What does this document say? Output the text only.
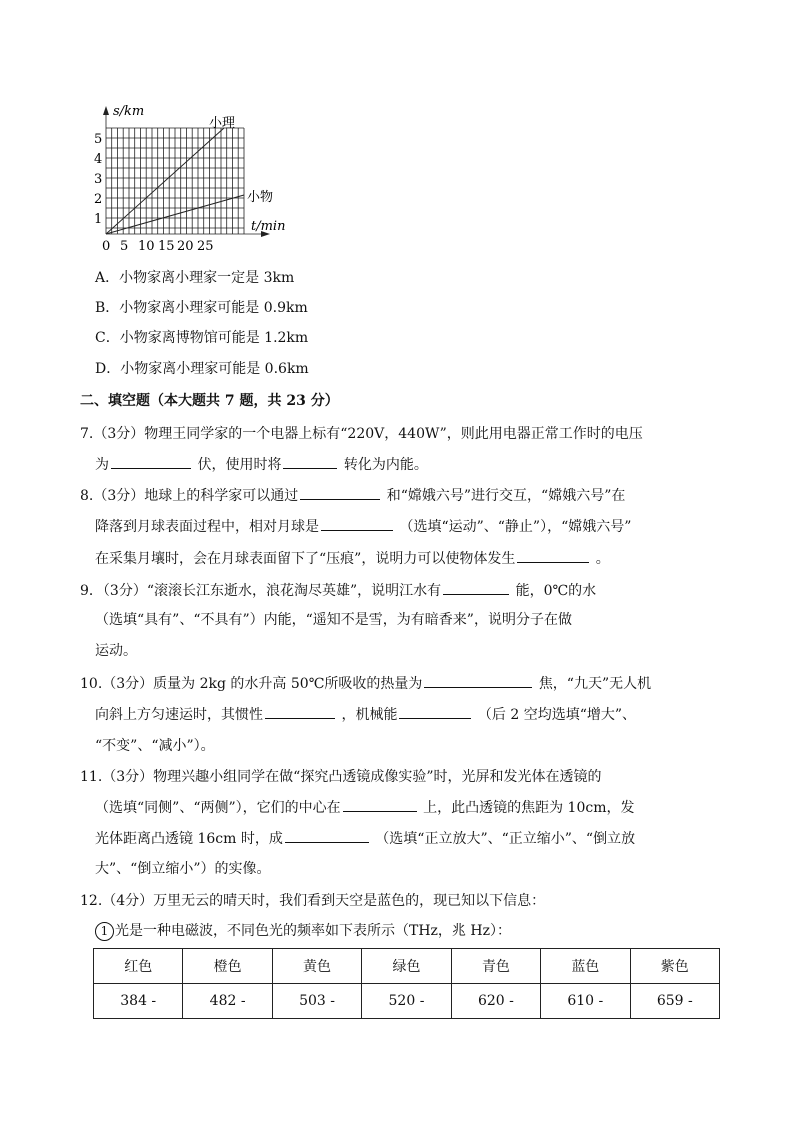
s/km
t/min
小理
小物
5
4
3
2
1
0 5 10 15 20 25
A．小物家离小理家一定是 3km
B．小物家离小理家可能是 0.9km
C．小物家离博物馆可能是 1.2km
D．小物家离小理家可能是 0.6km
二、填空题（本大题共 7 题，共 23 分）
7.（3分）物理王同学家的一个电器上标有“220V，440W”，则此用电器正常工作时的电压
为	伏，使用时将	转化为内能。
8.（3分）地球上的科学家可以通过	和“嫦娥六号”进行交互，“嫦娥六号”在
降落到月球表面过程中，相对月球是	（选填“运动”、“静止”），“嫦娥六号”
在采集月壤时，会在月球表面留下了“压痕”，说明力可以使物体发生	。
9．（3分）“滚滚长江东逝水，浪花淘尽英雄”，说明江水有	能，0℃的水
（选填“具有”、“不具有”）内能，“遥知不是雪，为有暗香来”，说明分子在做
运动。
10.（3分）质量为 2kg 的水升高 50℃所吸收的热量为	焦，“九天”无人机
向斜上方匀速运时，其惯性	，机械能	（后 2 空均选填“增大”、
“不变”、“减小”）。
11.（3分）物理兴趣小组同学在做“探究凸透镜成像实验”时，光屏和发光体在透镜的
（选填“同侧”、“两侧”），它们的中心在	上，此凸透镜的焦距为 10cm，发
光体距离凸透镜 16cm 时，成	（选填“正立放大”、“正立缩小”、“倒立放
大”、“倒立缩小”）的实像。
12.（4分）万里无云的晴天时，我们看到天空是蓝色的，现已知以下信息：
1 光是一种电磁波，不同色光的频率如下表所示（THz，兆 Hz）：
红色	橙色	黄色	绿色	青色	蓝色	紫色
384 -	482 -	503 -	520 -	620 -	610 -	659 -
